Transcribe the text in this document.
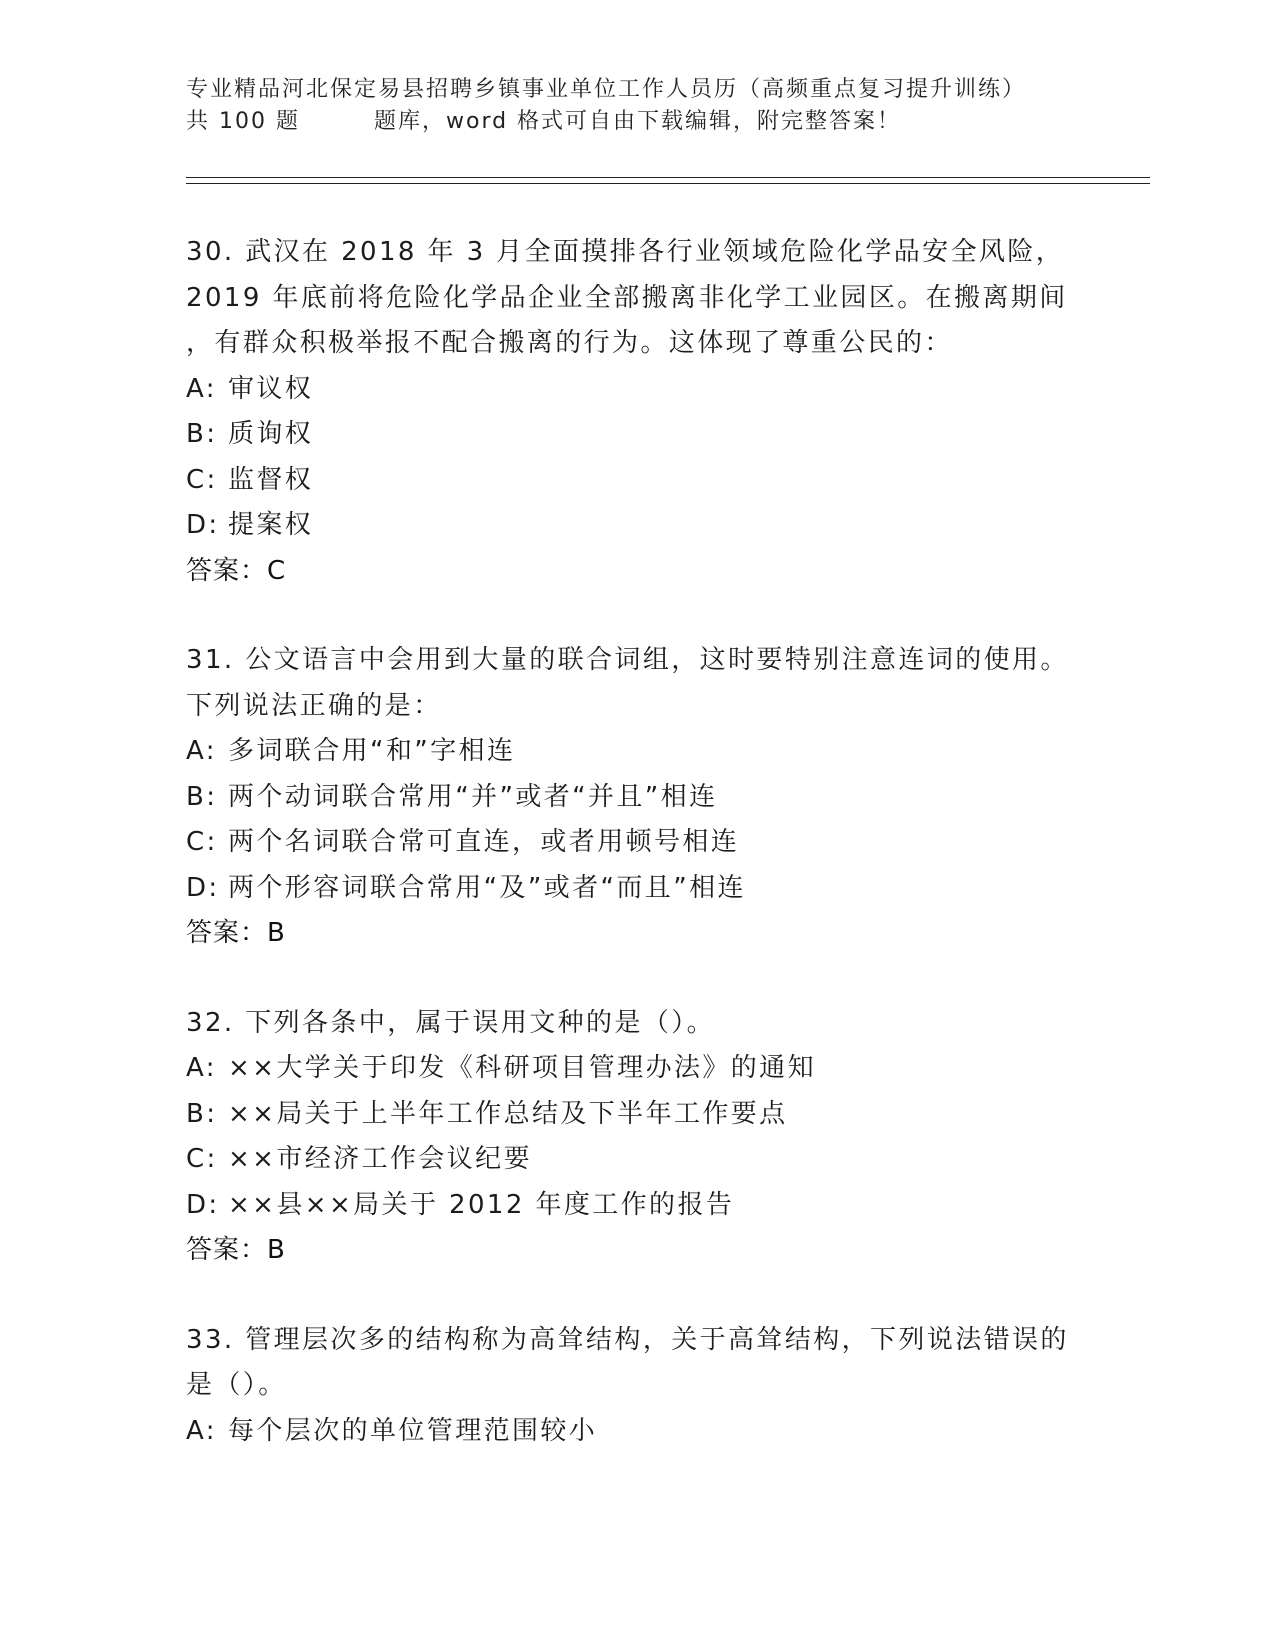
专业精品河北保定易县招聘乡镇事业单位工作人员历（高频重点复习提升训练）
共 100 题	题库，word 格式可自由下载编辑，附完整答案！
30. 武汉在 2018 年 3 月全面摸排各行业领域危险化学品安全风险，
2019 年底前将危险化学品企业全部搬离非化学工业园区。在搬离期间
，有群众积极举报不配合搬离的行为。这体现了尊重公民的：
A: 审议权
B: 质询权
C: 监督权
D: 提案权
答案：C
31. 公文语言中会用到大量的联合词组，这时要特别注意连词的使用。
下列说法正确的是：
A: 多词联合用“和”字相连
B: 两个动词联合常用“并”或者“并且”相连
C: 两个名词联合常可直连，或者用顿号相连
D: 两个形容词联合常用“及”或者“而且”相连
答案：B
32. 下列各条中，属于误用文种的是（）。
A: ××大学关于印发《科研项目管理办法》的通知
B: ××局关于上半年工作总结及下半年工作要点
C: ××市经济工作会议纪要
D: ××县××局关于 2012 年度工作的报告
答案：B
33. 管理层次多的结构称为高耸结构，关于高耸结构，下列说法错误的
是（）。
A: 每个层次的单位管理范围较小
